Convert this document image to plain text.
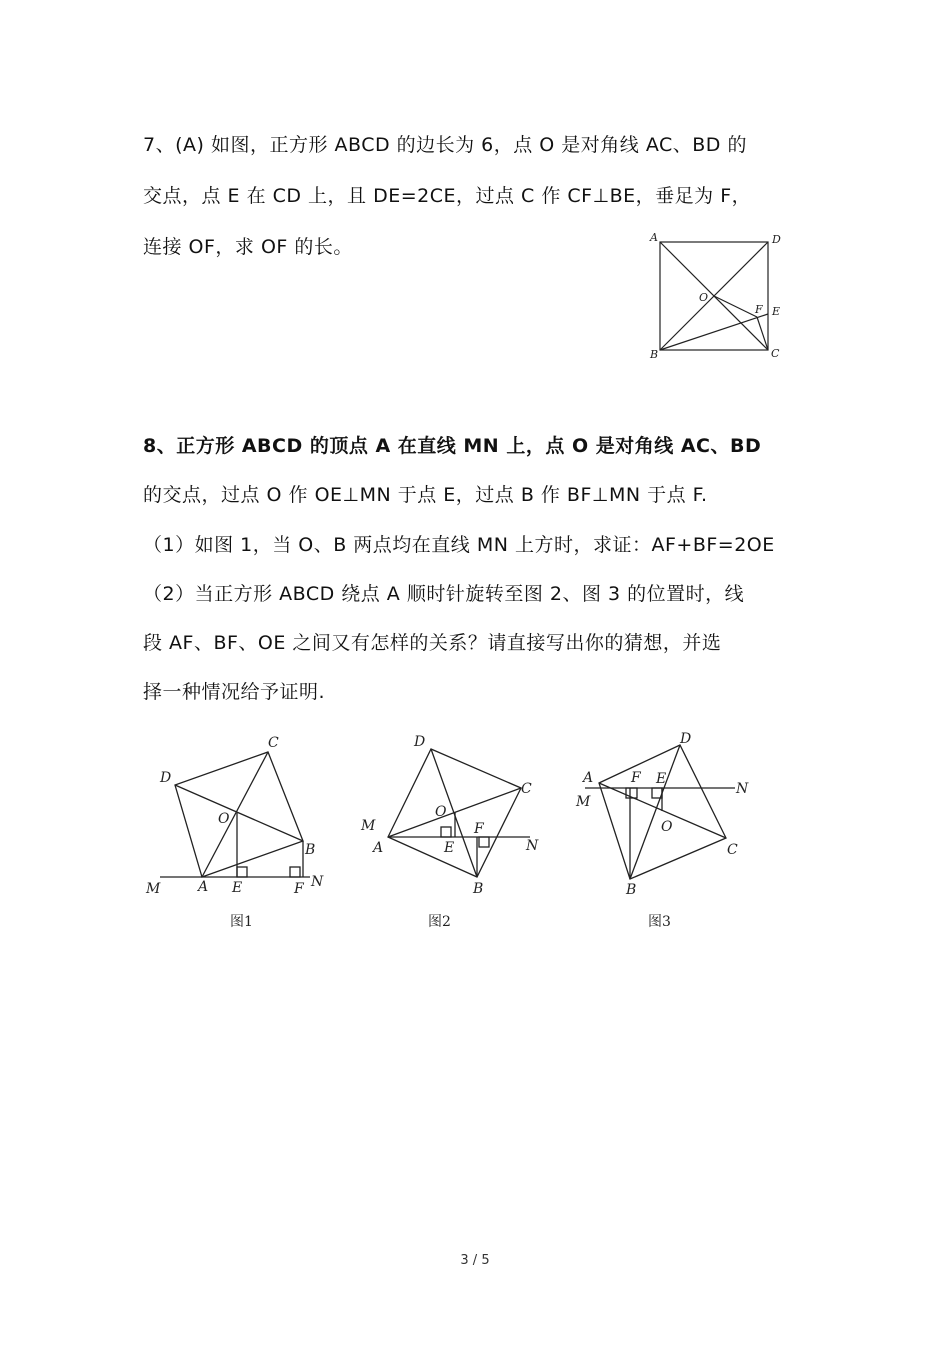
7、(A) 如图，正方形 ABCD 的边长为 6，点 O 是对角线 AC、BD 的
交点，点 E 在 CD 上，且 DE=2CE，过点 C 作 CF⊥BE，垂足为 F，
连接 OF，求 OF 的长。	A	D
B	C
O
F E
8、正方形 ABCD 的顶点 A 在直线 MN 上，点 O 是对角线 AC、BD
的交点，过点 O 作 OE⊥MN 于点 E，过点 B 作 BF⊥MN 于点 F.
（1）如图 1，当 O、B 两点均在直线 MN 上方时，求证：AF+BF=2OE
（2）当正方形 ABCD 绕点 A 顺时针旋转至图 2、图 3 的位置时，线
段 AF、BF、OE 之间又有怎样的关系？请直接写出你的猜想，并选
择一种情况给予证明.
M	A E	F N
B
O
D
C
图1
M
A	E
F
N
B
O
D
C
图2
A
M
F E
N
O
D
C
B
图3
3 / 5
